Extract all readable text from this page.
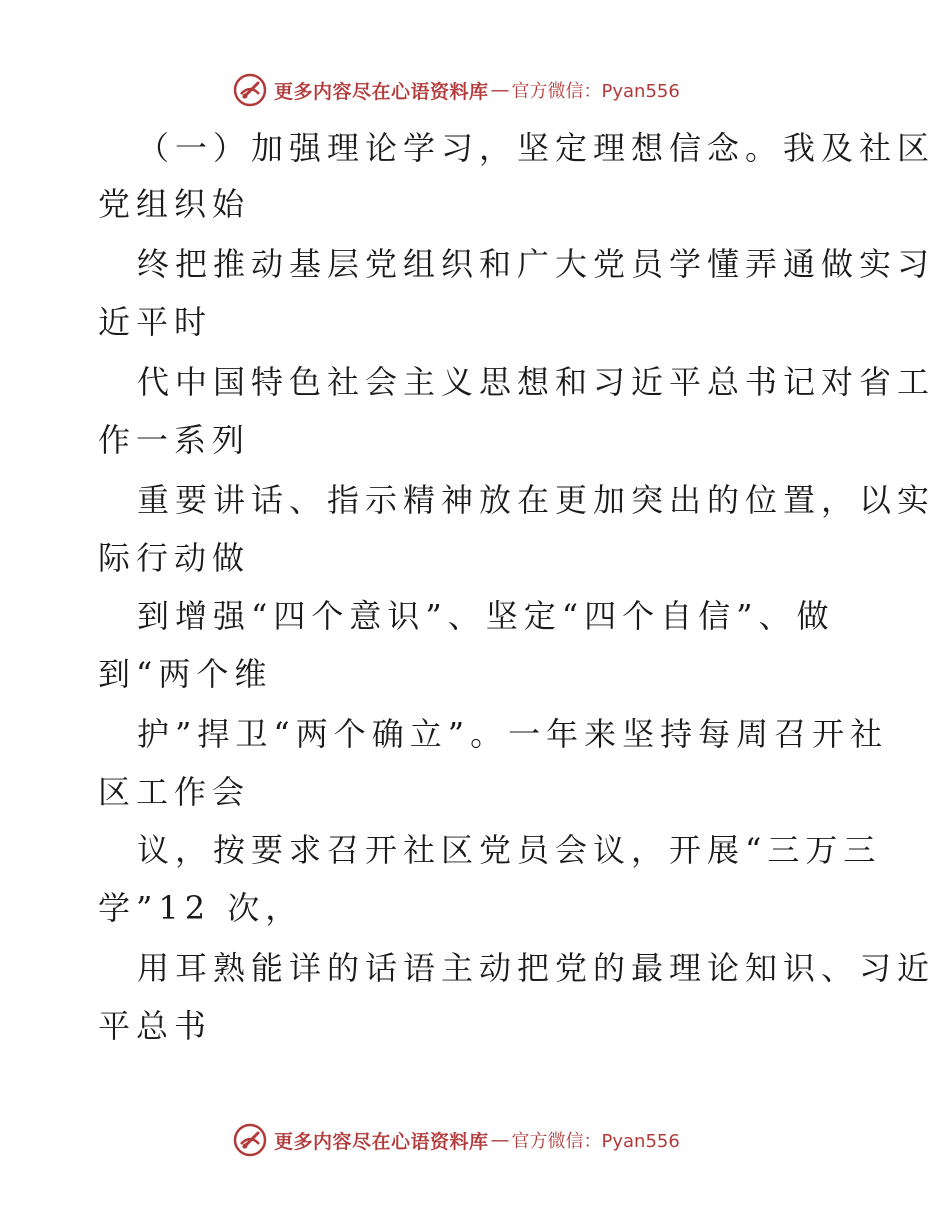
更多内容尽在心语资料库 — 官方微信：Pyan556
（一）加强理论学习，坚定理想信念。我及社区
党组织始
终把推动基层党组织和广大党员学懂弄通做实习
近平时
代中国特色社会主义思想和习近平总书记对省工
作一系列
重要讲话、指示精神放在更加突出的位置，以实
际行动做
到增强“四个意识”、坚定“四个自信”、做
到“两个维
护”捍卫“两个确立”。一年来坚持每周召开社
区工作会
议，按要求召开社区党员会议，开展“三万三
学”12 次，
用耳熟能详的话语主动把党的最理论知识、习近
平总书
更多内容尽在心语资料库 — 官方微信：Pyan556
